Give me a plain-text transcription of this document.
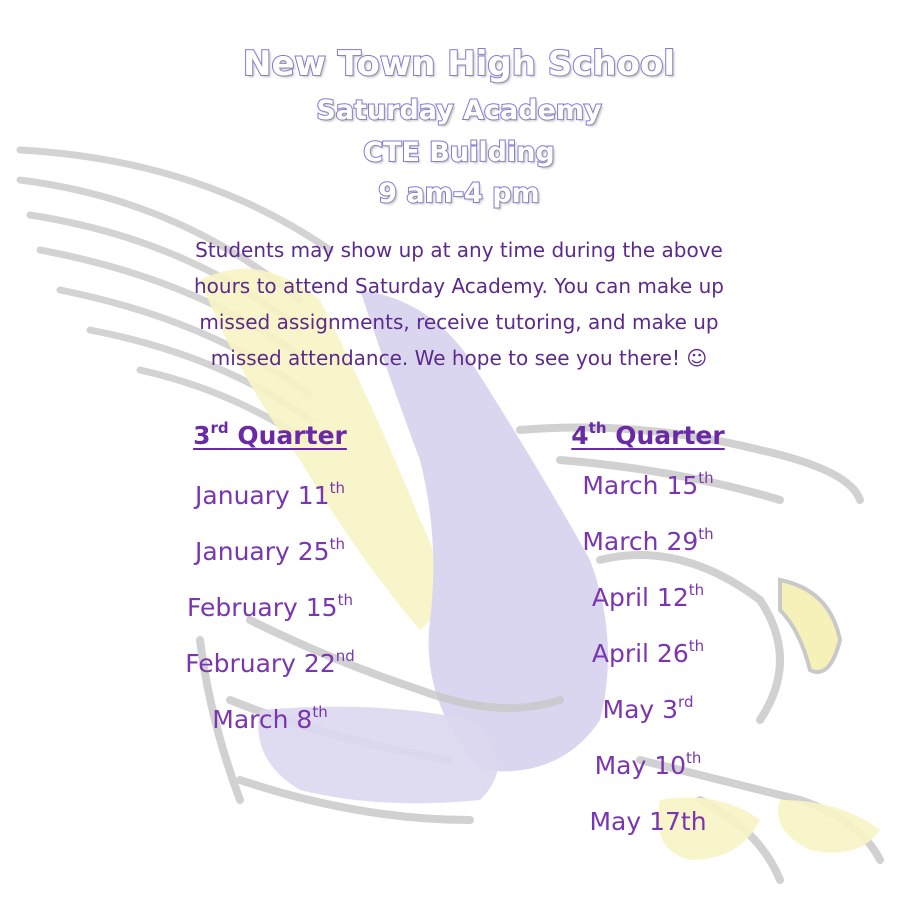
New Town High School
Saturday Academy
CTE Building
9 am-4 pm
Students may show up at any time during the above
hours to attend Saturday Academy. You can make up
missed assignments, receive tutoring, and make up
missed attendance. We hope to see you there! ☺
3rd Quarter
January 11th
January 25th
February 15th
February 22nd
March 8th
4th Quarter
March 15th
March 29th
April 12th
April 26th
May 3rd
May 10th
May 17th
